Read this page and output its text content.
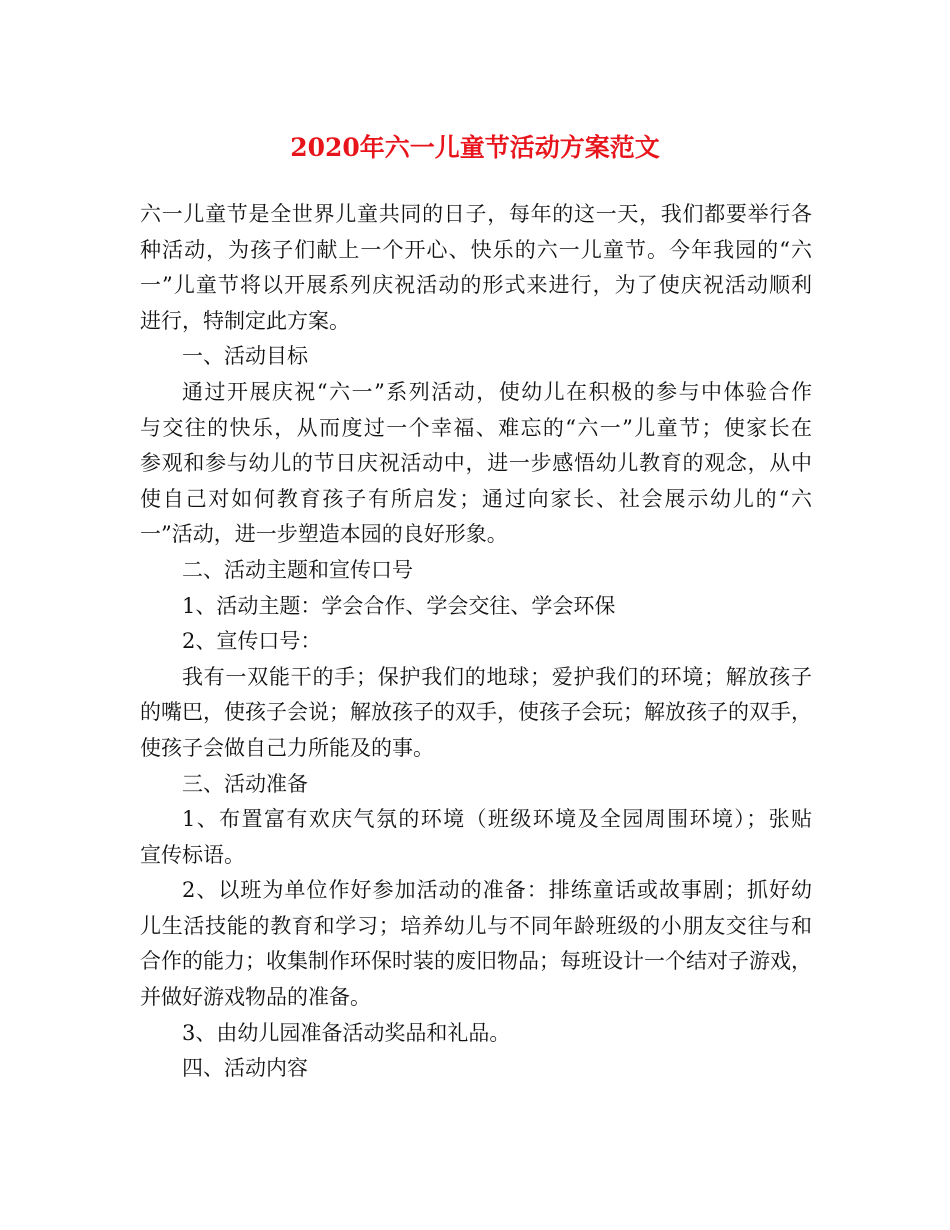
2020年六一儿童节活动方案范文
六一儿童节是全世界儿童共同的日子，每年的这一天，我们都要举行各
种活动，为孩子们献上一个开心、快乐的六一儿童节。今年我园的“六
一”儿童节将以开展系列庆祝活动的形式来进行，为了使庆祝活动顺利
进行，特制定此方案。
一、活动目标
通过开展庆祝“六一”系列活动，使幼儿在积极的参与中体验合作
与交往的快乐，从而度过一个幸福、难忘的“六一”儿童节；使家长在
参观和参与幼儿的节日庆祝活动中，进一步感悟幼儿教育的观念，从中
使自己对如何教育孩子有所启发；通过向家长、社会展示幼儿的“六
一”活动，进一步塑造本园的良好形象。
二、活动主题和宣传口号
1、活动主题：学会合作、学会交往、学会环保
2、宣传口号：
我有一双能干的手；保护我们的地球；爱护我们的环境；解放孩子
的嘴巴，使孩子会说；解放孩子的双手，使孩子会玩；解放孩子的双手，
使孩子会做自己力所能及的事。
三、活动准备
1、布置富有欢庆气氛的环境（班级环境及全园周围环境）；张贴
宣传标语。
2、以班为单位作好参加活动的准备：排练童话或故事剧；抓好幼
儿生活技能的教育和学习；培养幼儿与不同年龄班级的小朋友交往与和
合作的能力；收集制作环保时装的废旧物品；每班设计一个结对子游戏，
并做好游戏物品的准备。
3、由幼儿园准备活动奖品和礼品。
四、活动内容
